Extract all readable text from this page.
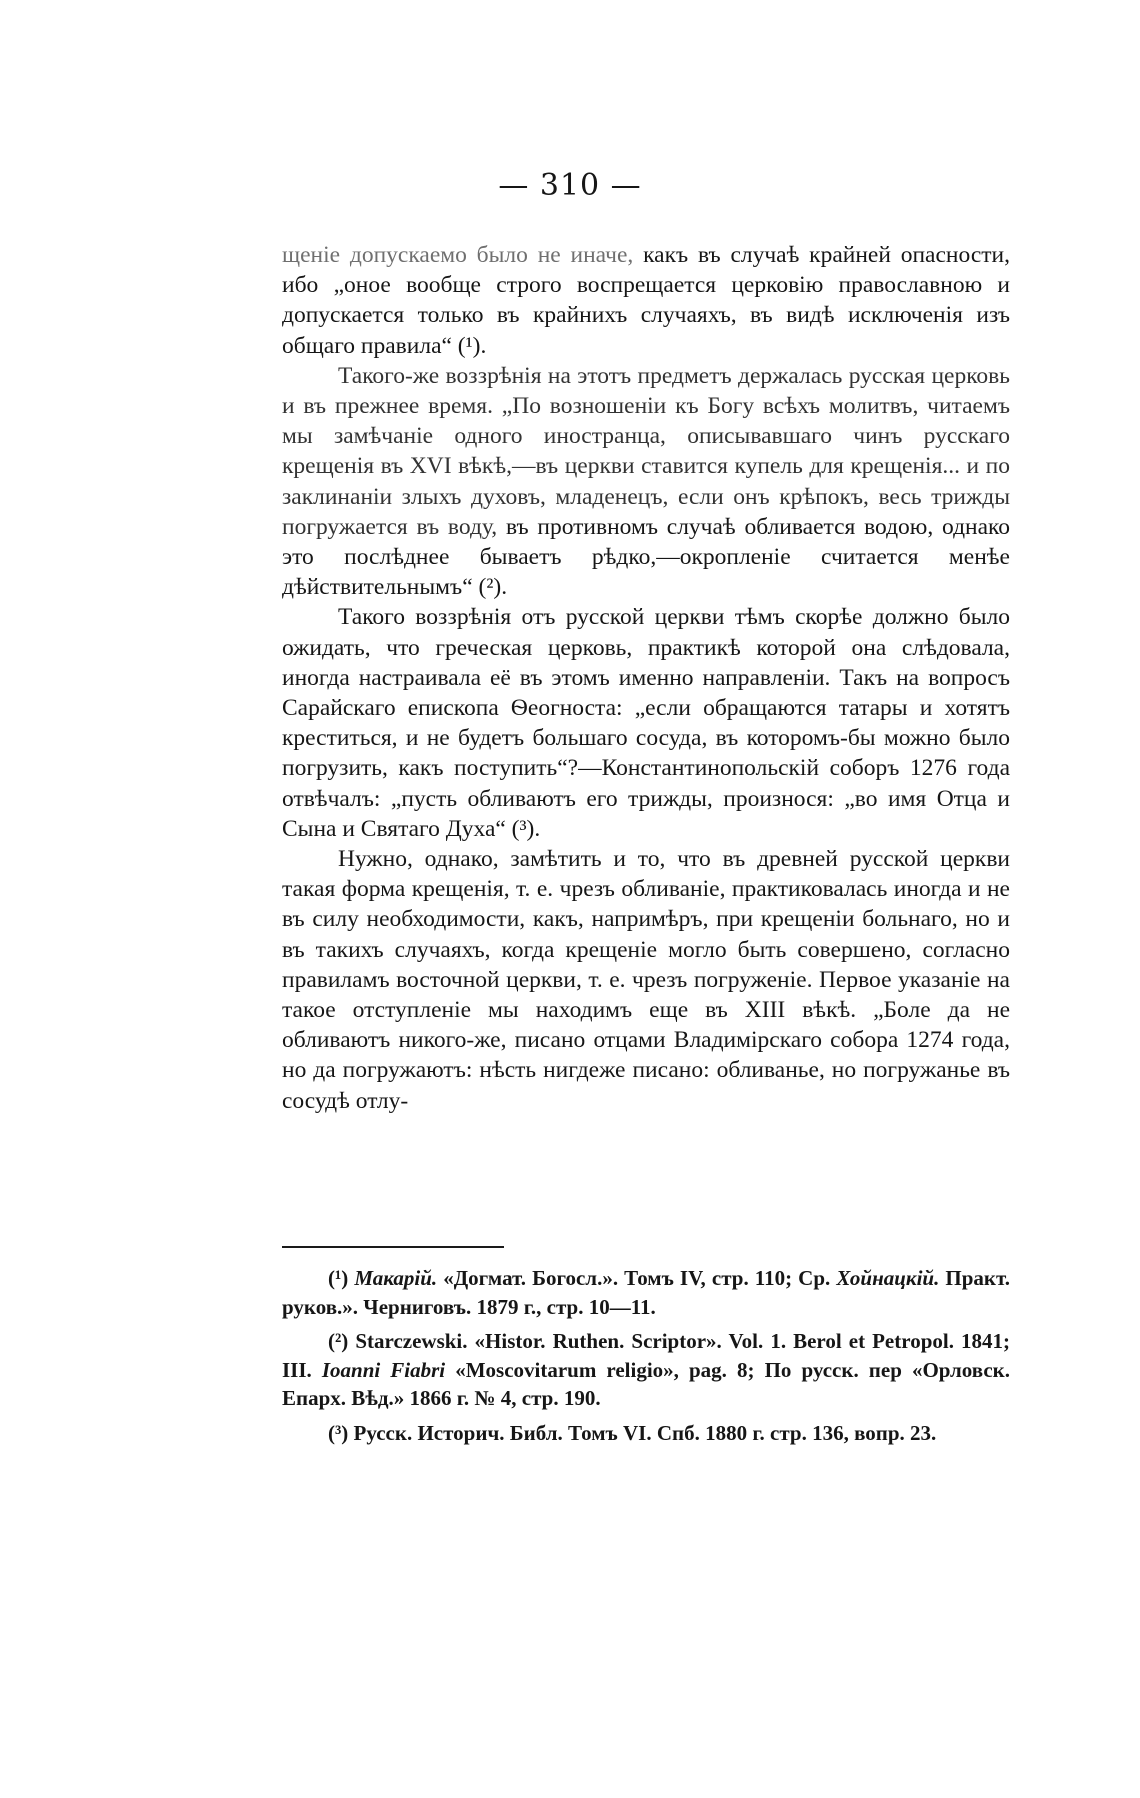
— 310 —

щеніе допускаемо было не иначе, какъ въ случаѣ крайней опасности, ибо „оное вообще строго воспрещается церковію православною и допускается только въ крайнихъ случаяхъ, въ видѣ исключенія изъ общаго правила“ (¹).

Такого-же воззрѣнія на этотъ предметъ держалась русская церковь и въ прежнее время. „По возношеніи къ Богу всѣхъ молитвъ, читаемъ мы замѣчаніе одного иностранца, описывавшаго чинъ русскаго крещенія въ XVI вѣкѣ,—въ церкви ставится купель для крещенія... и по заклинаніи злыхъ духовъ, младенецъ, если онъ крѣпокъ, весь трижды погружается въ воду, въ противномъ случаѣ обливается водою, однако это послѣднее бываетъ рѣдко,—окропленіе считается менѣе дѣйствительнымъ“ (²).

Такого воззрѣнія отъ русской церкви тѣмъ скорѣе должно было ожидать, что греческая церковь, практикѣ которой она слѣдовала, иногда настраивала её въ этомъ именно направленіи. Такъ на вопросъ Сарайскаго епископа Ѳеогноста: „если обращаются татары и хотятъ креститься, и не будетъ большаго сосуда, въ которомъ-бы можно было погрузить, какъ поступить“?—Константинопольскій соборъ 1276 года отвѣчалъ: „пусть обливаютъ его трижды, произнося: „во имя Отца и Сына и Святаго Духа“ (³).

Нужно, однако, замѣтить и то, что въ древней русской церкви такая форма крещенія, т. е. чрезъ обливаніе, практиковалась иногда и не въ силу необходимости, какъ, напримѣръ, при крещеніи больнаго, но и въ такихъ случаяхъ, когда крещеніе могло быть совершено, согласно правиламъ восточной церкви, т. е. чрезъ погруженіе. Первое указаніе на такое отступленіе мы находимъ еще въ XIII вѣкѣ. „Боле да не обливаютъ никого-же, писано отцами Владимірскаго собора 1274 года, но да погружаютъ: нѣсть нигдеже писано: обливанье, но погружанье въ сосудѣ отлу-

(¹) Макарій. «Догмат. Богосл.». Томъ IV, стр. 110; Ср. Хойнацкій. Практ. руков.». Черниговъ. 1879 г., стр. 10—11.

(²) Starczewski. «Histor. Ruthen. Scriptor». Vol. 1. Berol et Petropol. 1841; III. Ioanni Fiabri «Moscovitarum religio», pag. 8; По русск. пер «Орловск. Епарх. Вѣд.» 1866 г. № 4, стр. 190.

(³) Русск. Историч. Библ. Томъ VI. Спб. 1880 г. стр. 136, вопр. 23.
